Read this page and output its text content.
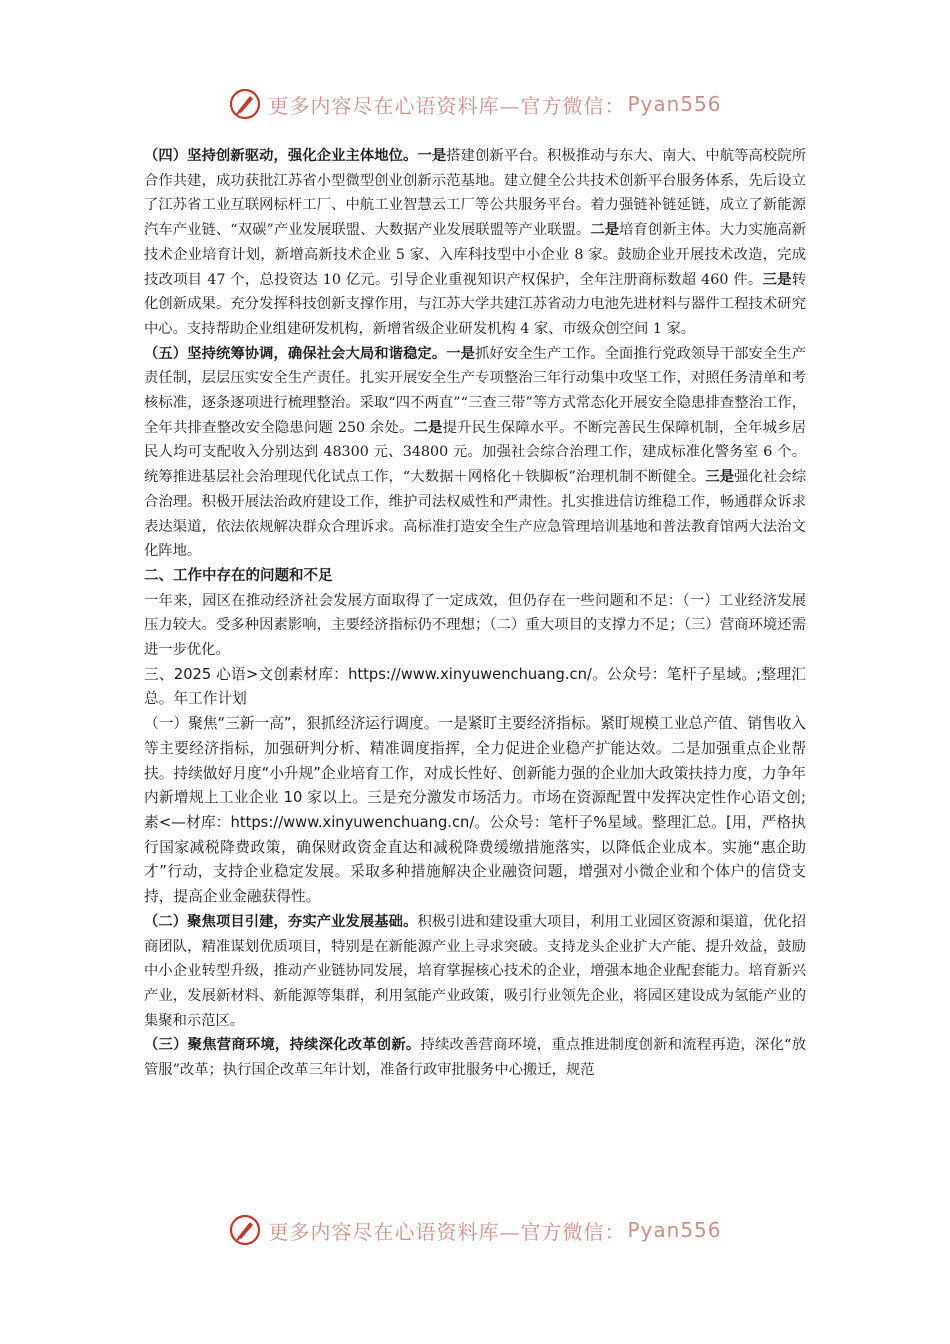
更多内容尽在心语资料库—官方微信： Pyan556

（四）坚持创新驱动，强化企业主体地位。一是搭建创新平台。积极推动与东大、南大、中航等高校院所合作共建，成功获批江苏省小型微型创业创新示范基地。建立健全公共技术创新平台服务体系，先后设立了江苏省工业互联网标杆工厂、中航工业智慧云工厂等公共服务平台。着力强链补链延链，成立了新能源汽车产业链、“双碳”产业发展联盟、大数据产业发展联盟等产业联盟。二是培育创新主体。大力实施高新技术企业培育计划，新增高新技术企业 5 家、入库科技型中小企业 8 家。鼓励企业开展技术改造，完成技改项目 47 个，总投资达 10 亿元。引导企业重视知识产权保护，全年注册商标数超 460 件。三是转化创新成果。充分发挥科技创新支撑作用，与江苏大学共建江苏省动力电池先进材料与器件工程技术研究中心。支持帮助企业组建研发机构，新增省级企业研发机构 4 家、市级众创空间 1 家。

（五）坚持统筹协调，确保社会大局和谐稳定。一是抓好安全生产工作。全面推行党政领导干部安全生产责任制，层层压实安全生产责任。扎实开展安全生产专项整治三年行动集中攻坚工作，对照任务清单和考核标准，逐条逐项进行梳理整治。采取“四不两直”“三查三带”等方式常态化开展安全隐患排查整治工作，全年共排查整改安全隐患问题 250 余处。二是提升民生保障水平。不断完善民生保障机制，全年城乡居民人均可支配收入分别达到 48300 元、34800 元。加强社会综合治理工作，建成标准化警务室 6 个。统筹推进基层社会治理现代化试点工作，“大数据＋网格化＋铁脚板”治理机制不断健全。三是强化社会综合治理。积极开展法治政府建设工作，维护司法权威性和严肃性。扎实推进信访维稳工作，畅通群众诉求表达渠道，依法依规解决群众合理诉求。高标准打造安全生产应急管理培训基地和普法教育馆两大法治文化阵地。

二、工作中存在的问题和不足

一年来，园区在推动经济社会发展方面取得了一定成效，但仍存在一些问题和不足：（一）工业经济发展压力较大。受多种因素影响，主要经济指标仍不理想；（二）重大项目的支撑力不足；（三）营商环境还需进一步优化。

三、2025 心语>文创素材库：https://www.xinyuwenchuang.cn/。公众号：笔杆子星域。;整理汇总。年工作计划

（一）聚焦“三新一高”，狠抓经济运行调度。一是紧盯主要经济指标。紧盯规模工业总产值、销售收入等主要经济指标，加强研判分析、精准调度指挥，全力促进企业稳产扩能达效。二是加强重点企业帮扶。持续做好月度“小升规”企业培育工作，对成长性好、创新能力强的企业加大政策扶持力度，力争年内新增规上工业企业 10 家以上。三是充分激发市场活力。市场在资源配置中发挥决定性作心语文创;素<—材库：https://www.xinyuwenchuang.cn/。公众号：笔杆子%星域。整理汇总。[用，严格执行国家减税降费政策，确保财政资金直达和减税降费缓缴措施落实，以降低企业成本。实施“惠企助才”行动，支持企业稳定发展。采取多种措施解决企业融资问题，增强对小微企业和个体户的信贷支持，提高企业金融获得性。

（二）聚焦项目引建，夯实产业发展基础。积极引进和建设重大项目，利用工业园区资源和渠道，优化招商团队，精准谋划优质项目，特别是在新能源产业上寻求突破。支持龙头企业扩大产能、提升效益，鼓励中小企业转型升级，推动产业链协同发展，培育掌握核心技术的企业，增强本地企业配套能力。培育新兴产业，发展新材料、新能源等集群，利用氢能产业政策，吸引行业领先企业，将园区建设成为氢能产业的集聚和示范区。

（三）聚焦营商环境，持续深化改革创新。持续改善营商环境，重点推进制度创新和流程再造，深化“放管服”改革；执行国企改革三年计划，准备行政审批服务中心搬迁，规范

更多内容尽在心语资料库—官方微信： Pyan556
